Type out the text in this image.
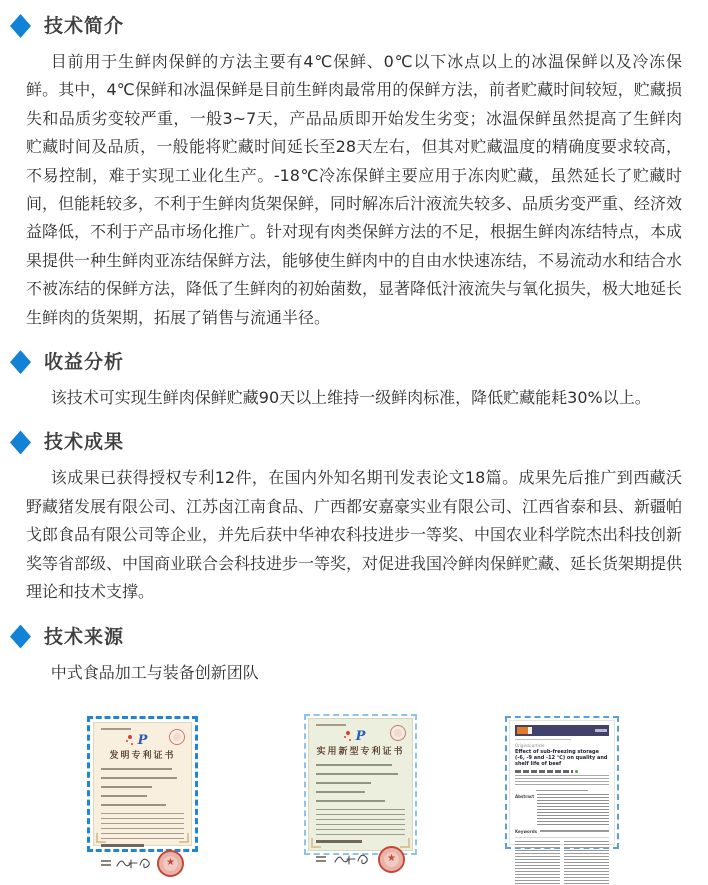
技术简介

目前用于生鲜肉保鲜的方法主要有4℃保鲜、0℃以下冰点以上的冰温保鲜以及冷冻保鲜。其中，4℃保鲜和冰温保鲜是目前生鲜肉最常用的保鲜方法，前者贮藏时间较短，贮藏损失和品质劣变较严重，一般3~7天，产品品质即开始发生劣变；冰温保鲜虽然提高了生鲜肉贮藏时间及品质，一般能将贮藏时间延长至28天左右，但其对贮藏温度的精确度要求较高，不易控制，难于实现工业化生产。-18℃冷冻保鲜主要应用于冻肉贮藏，虽然延长了贮藏时间，但能耗较多，不利于生鲜肉货架保鲜，同时解冻后汁液流失较多、品质劣变严重、经济效益降低，不利于产品市场化推广。针对现有肉类保鲜方法的不足，根据生鲜肉冻结特点，本成果提供一种生鲜肉亚冻结保鲜方法，能够使生鲜肉中的自由水快速冻结，不易流动水和结合水不被冻结的保鲜方法，降低了生鲜肉的初始菌数，显著降低汁液流失与氧化损失，极大地延长生鲜肉的货架期，拓展了销售与流通半径。

收益分析

该技术可实现生鲜肉保鲜贮藏90天以上维持一级鲜肉标准，降低贮藏能耗30%以上。

技术成果

该成果已获得授权专利12件，在国内外知名期刊发表论文18篇。成果先后推广到西藏沃野藏猪发展有限公司、江苏卤江南食品、广西都安嘉豪实业有限公司、江西省泰和县、新疆帕戈郎食品有限公司等企业，并先后获中华神农科技进步一等奖、中国农业科学院杰出科技创新奖等省部级、中国商业联合会科技进步一等奖，对促进我国冷鲜肉保鲜贮藏、延长货架期提供理论和技术支撑。

技术来源

中式食品加工与装备创新团队

P
发明专利证书
★
P
实用新型专利证书
★
Original article
Effect of sub-freezing storage (-6, -9 and -12 ℃) on quality and shelf life of beef
Abstract
Keywords
